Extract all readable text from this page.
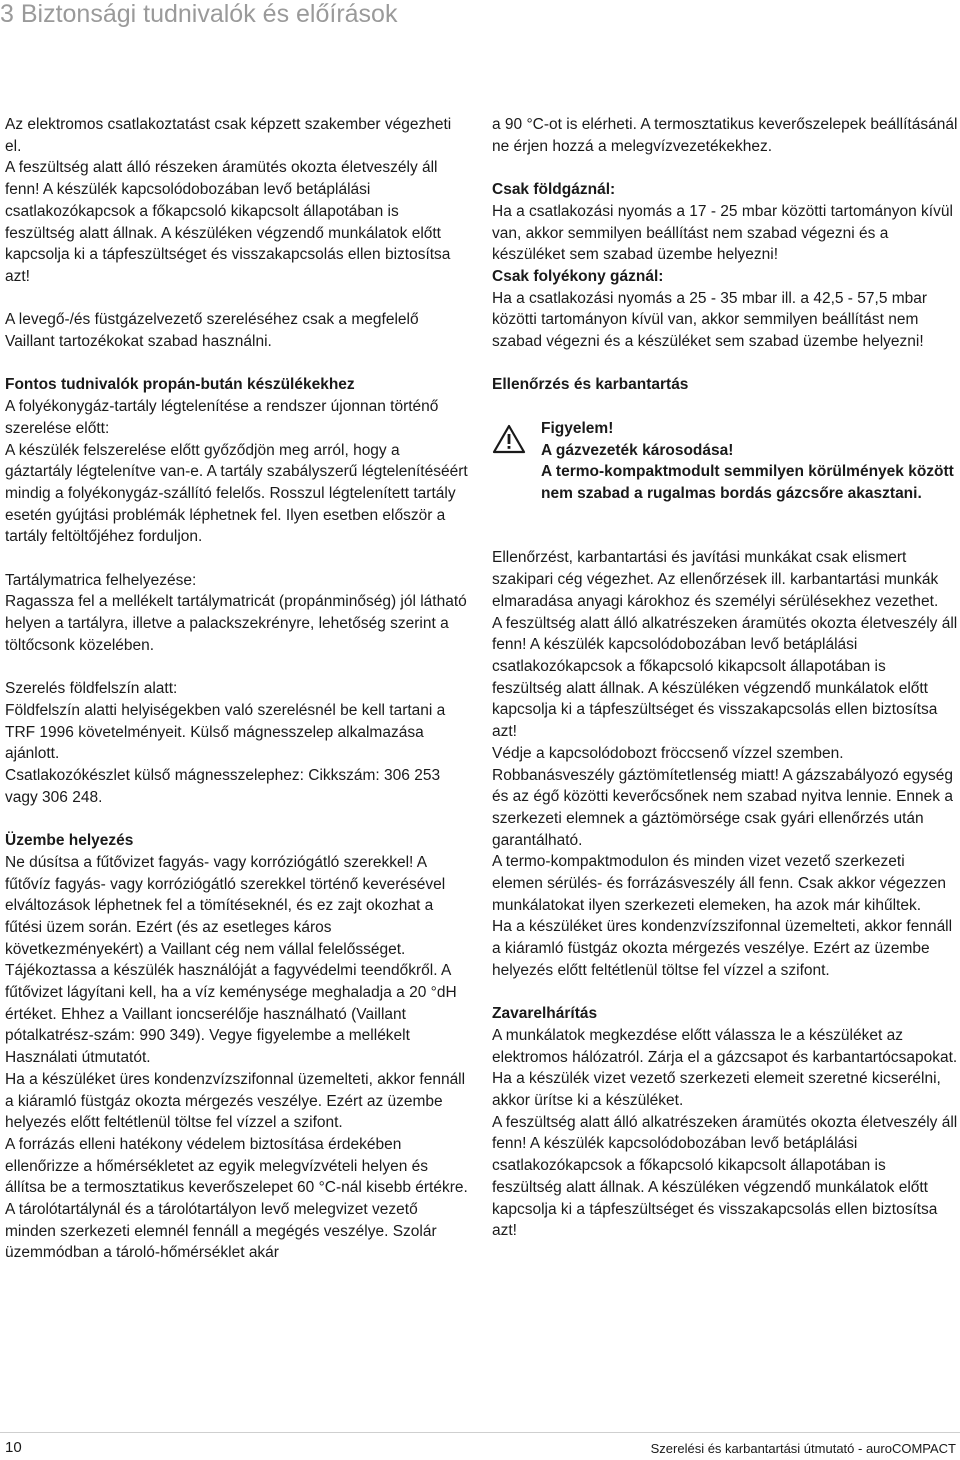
3 Biztonsági tudnivalók és előírások

Az elektromos csatlakoztatást csak képzett szakember végezheti el.
A feszültség alatt álló részeken áramütés okozta életveszély áll fenn! A készülék kapcsolódobozában levő betáplálási csatlakozókapcsok a főkapcsoló kikapcsolt állapotában is feszültség alatt állnak. A készüléken végzendő munkálatok előtt kapcsolja ki a tápfeszültséget és visszakapcsolás ellen biztosítsa azt!

A levegő-/és füstgázelvezető szereléséhez csak a megfelelő Vaillant tartozékokat szabad használni.

Fontos tudnivalók propán-bután készülékekhez

A folyékonygáz-tartály légtelenítése a rendszer újonnan történő szerelése előtt:
A készülék felszerelése előtt győződjön meg arról, hogy a gáztartály légtelenítve van-e. A tartály szabályszerű légtelenítéséért mindig a folyékonygáz-szállító felelős. Rosszul légtelenített tartály esetén gyújtási problémák léphetnek fel. Ilyen esetben először a tartály feltöltőjéhez forduljon.

Tartálymatrica felhelyezése:
Ragassza fel a mellékelt tartálymatricát (propánminőség) jól látható helyen a tartályra, illetve a palackszekrényre, lehetőség szerint a töltőcsonk közelében.

Szerelés földfelszín alatt:
Földfelszín alatti helyiségekben való szerelésnél be kell tartani a TRF 1996 követelményeit. Külső mágnesszelep alkalmazása ajánlott.
Csatlakozókészlet külső mágnesszelephez: Cikkszám: 306 253 vagy 306 248.

Üzembe helyezés

Ne dúsítsa a fűtővizet fagyás- vagy korróziógátló szerekkel! A fűtővíz fagyás- vagy korróziógátló szerekkel történő keverésével elváltozások léphetnek fel a tömítéseknél, és ez zajt okozhat a fűtési üzem során. Ezért (és az esetleges káros következményekért) a Vaillant cég nem vállal felelősséget. Tájékoztassa a készülék használóját a fagyvédelmi teendőkről. A fűtővizet lágyítani kell, ha a víz keménysége meghaladja a 20 °dH értéket. Ehhez a Vaillant ioncserélője használható (Vaillant pótalkatrész-szám: 990 349). Vegye figyelembe a mellékelt Használati útmutatót.
Ha a készüléket üres kondenzvízszifonnal üzemelteti, akkor fennáll a kiáramló füstgáz okozta mérgezés veszélye. Ezért az üzembe helyezés előtt feltétlenül töltse fel vízzel a szifont.
A forrázás elleni hatékony védelem biztosítása érdekében ellenőrizze a hőmérsékletet az egyik melegvízvételi helyen és állítsa be a termosztatikus keverőszelepet 60 °C-nál kisebb értékre.
A tárolótartálynál és a tárolótartályon levő melegvizet vezető minden szerkezeti elemnél fennáll a megégés veszélye. Szolár üzemmódban a tároló-hőmérséklet akár

a 90 °C-ot is elérheti. A termosztatikus keverőszelepek beállításánál ne érjen hozzá a melegvízvezetékekhez.

Csak földgáznál:

Ha a csatlakozási nyomás a 17 - 25 mbar közötti tartományon kívül van, akkor semmilyen beállítást nem szabad végezni és a készüléket sem szabad üzembe helyezni!

Csak folyékony gáznál:

Ha a csatlakozási nyomás a 25 - 35 mbar ill. a 42,5 - 57,5 mbar közötti tartományon kívül van, akkor semmilyen beállítást nem szabad végezni és a készüléket sem szabad üzembe helyezni!

Ellenőrzés és karbantartás
Figyelem!
A gázvezeték károsodása!
A termo-kompaktmodult semmilyen körülmények között nem szabad a rugalmas bordás gázcsőre akasztani.

Ellenőrzést, karbantartási és javítási munkákat csak elismert szakipari cég végezhet. Az ellenőrzések ill. karbantartási munkák elmaradása anyagi károkhoz és személyi sérülésekhez vezethet.
A feszültség alatt álló alkatrészeken áramütés okozta életveszély áll fenn! A készülék kapcsolódobozában levő betáplálási csatlakozókapcsok a főkapcsoló kikapcsolt állapotában is feszültség alatt állnak. A készüléken végzendő munkálatok előtt kapcsolja ki a tápfeszültséget és visszakapcsolás ellen biztosítsa azt!
Védje a kapcsolódobozt fröccsenő vízzel szemben.
Robbanásveszély gáztömítetlenség miatt! A gázszabályozó egység és az égő közötti keverőcsőnek nem szabad nyitva lennie. Ennek a szerkezeti elemnek a gáztömörsége csak gyári ellenőrzés után garantálható.
A termo-kompaktmodulon és minden vizet vezető szerkezeti elemen sérülés- és forrázásveszély áll fenn. Csak akkor végezzen munkálatokat ilyen szerkezeti elemeken, ha azok már kihűltek.
Ha a készüléket üres kondenzvízszifonnal üzemelteti, akkor fennáll a kiáramló füstgáz okozta mérgezés veszélye. Ezért az üzembe helyezés előtt feltétlenül töltse fel vízzel a szifont.

Zavarelhárítás

A munkálatok megkezdése előtt válassza le a készüléket az elektromos hálózatról. Zárja el a gázcsapot és karbantartócsapokat. Ha a készülék vizet vezető szerkezeti elemeit szeretné kicserélni, akkor ürítse ki a készüléket.
A feszültség alatt álló alkatrészeken áramütés okozta életveszély áll fenn! A készülék kapcsolódobozában levő betáplálási csatlakozókapcsok a főkapcsoló kikapcsolt állapotában is feszültség alatt állnak. A készüléken végzendő munkálatok előtt kapcsolja ki a tápfeszültséget és visszakapcsolás ellen biztosítsa azt!

10	Szerelési és karbantartási útmutató - auroCOMPACT
